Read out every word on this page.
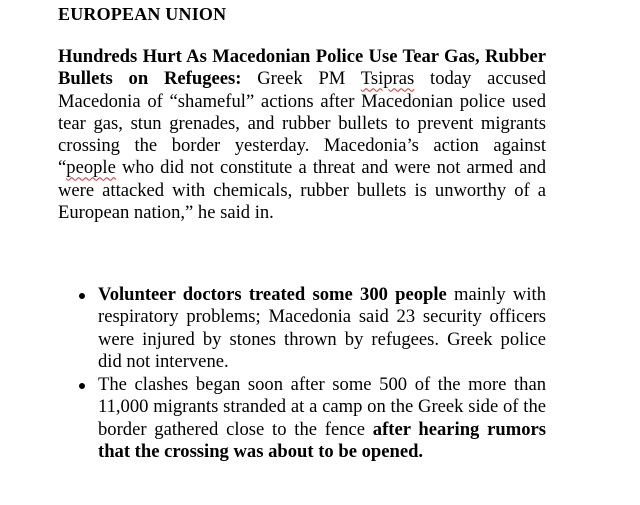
EUROPEAN UNION
Hundreds Hurt As Macedonian Police Use Tear Gas, Rubber Bullets on Refugees: Greek PM Tsipras today accused Macedonia of “shameful” actions after Macedonian police used tear gas, stun grenades, and rubber bullets to prevent migrants crossing the border yesterday. Macedonia’s action against “people who did not constitute a threat and were not armed and were attacked with chemicals, rubber bullets is unworthy of a European nation,” he said in.
Volunteer doctors treated some 300 people mainly with respiratory problems; Macedonia said 23 security officers were injured by stones thrown by refugees. Greek police did not intervene.
The clashes began soon after some 500 of the more than 11,000 migrants stranded at a camp on the Greek side of the border gathered close to the fence after hearing rumors that the crossing was about to be opened.
